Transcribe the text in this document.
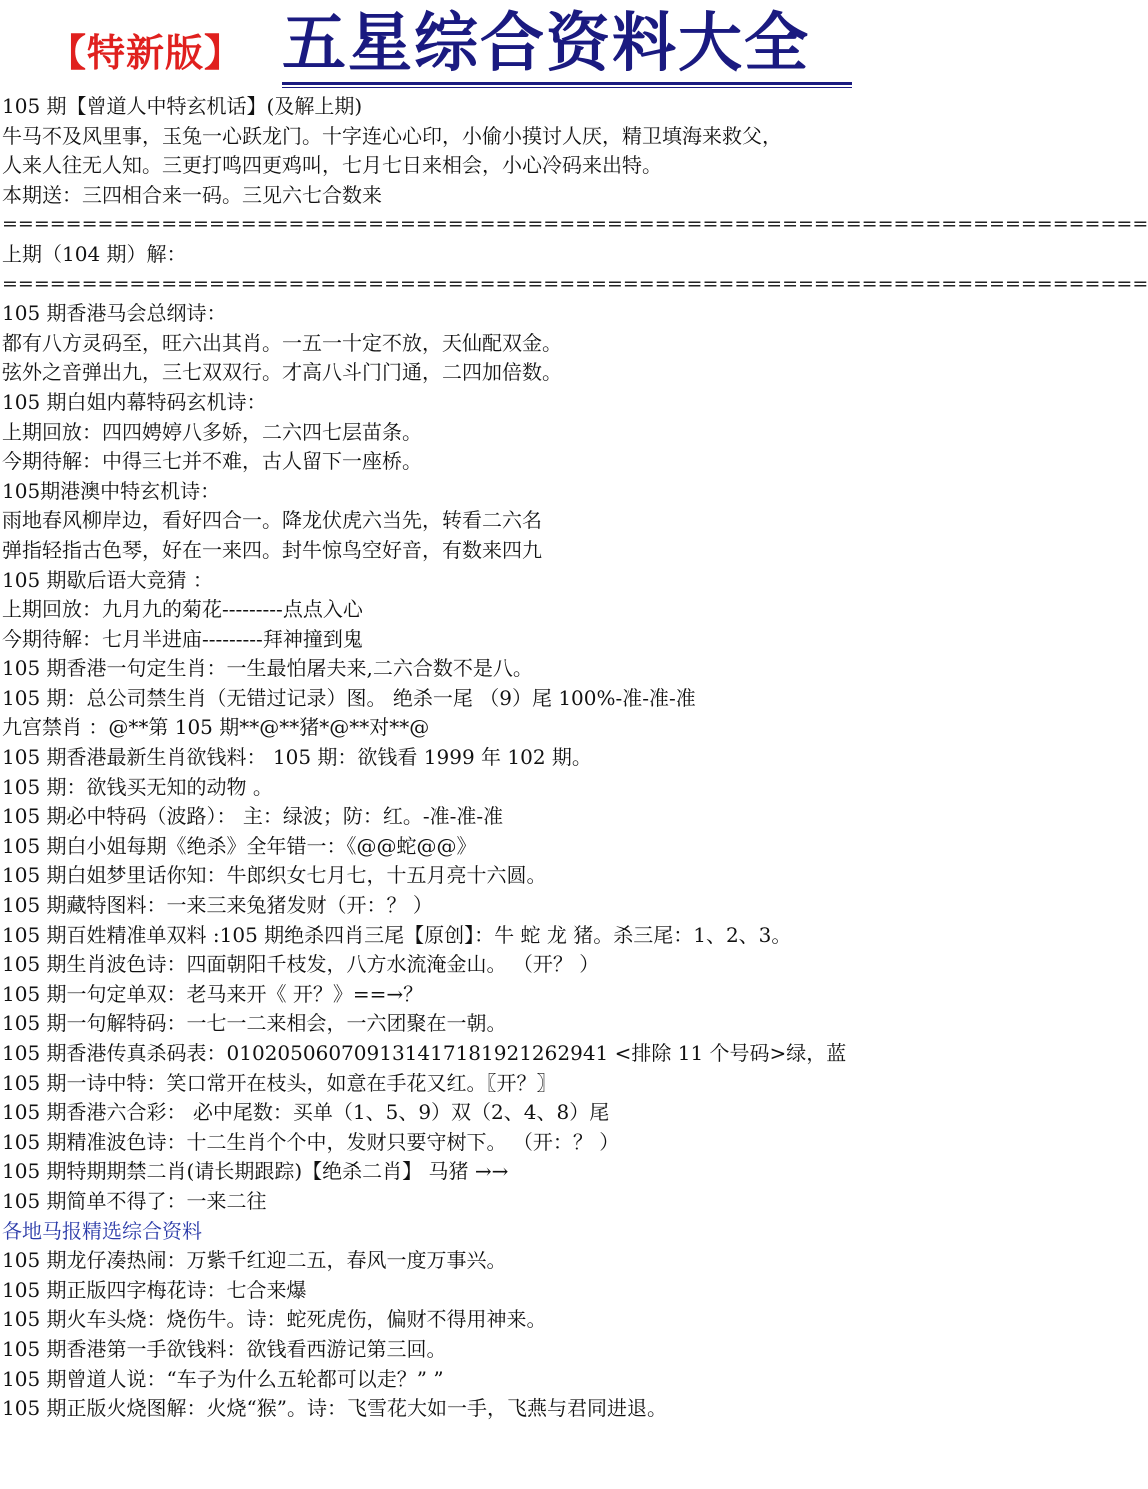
【特新版】 五星综合资料大全
105 期【曾道人中特玄机话】(及解上期)
牛马不及风里事，玉兔一心跃龙门。十字连心心印，小偷小摸讨人厌，精卫填海来救父，
人来人往无人知。三更打鸣四更鸡叫，七月七日来相会，小心冷码来出特。
本期送：三四相合来一码。三见六七合数来
========================================================================
上期（104 期）解：
========================================================================
105 期香港马会总纲诗：
都有八方灵码至，旺六出其肖。一五一十定不放，天仙配双金。
弦外之音弹出九，三七双双行。才高八斗门门通，二四加倍数。
105 期白姐内幕特码玄机诗：
上期回放：四四娉婷八多娇，二六四七层苗条。
今期待解：中得三七并不难，古人留下一座桥。
105期港澳中特玄机诗：
雨地春风柳岸边，看好四合一。降龙伏虎六当先，转看二六名
弹指轻指古色琴，好在一来四。封牛惊鸟空好音，有数来四九
105 期歇后语大竞猜 ：
上期回放：九月九的菊花---------点点入心
今期待解：七月半进庙---------拜神撞到鬼
105 期香港一句定生肖：一生最怕屠夫来,二六合数不是八。
105 期：总公司禁生肖（无错过记录）图。 绝杀一尾 （9）尾 100%-准-准-准
九宫禁肖 ：@**第 105 期**@**猪*@**对**@
105 期香港最新生肖欲钱料： 105 期：欲钱看 1999 年 102 期。
105 期：欲钱买无知的动物 。
105 期必中特码（波路）： 主：绿波；防：红。-准-准-准
105 期白小姐每期《绝杀》全年错一：《@@蛇@@》
105 期白姐梦里话你知：牛郎织女七月七，十五月亮十六圆。
105 期藏特图料：一来三来兔猪发财（开：？ ）
105 期百姓精准单双料 :105 期绝杀四肖三尾【原创】：牛 蛇 龙 猪。杀三尾：1、2、3。
105 期生肖波色诗：四面朝阳千枝发，八方水流淹金山。 （开？ ）
105 期一句定单双：老马来开《 开？》==→？
105 期一句解特码：一七一二来相会，一六团聚在一朝。
105 期香港传真杀码表：01020506070913141718192126294‌1 <排除 11 个号码>绿，蓝
105 期一诗中特：笑口常开在枝头，如意在手花又红。〖开？〗
105 期香港六合彩： 必中尾数：买单（1、5、9）双（2、4、8）尾
105 期精准波色诗：十二生肖个个中，发财只要守树下。 （开：？ ）
105 期特期期禁二肖(请长期跟踪)【绝杀二肖】 马猪 →→
105 期简单不得了：一来二往
各地马报精选综合资料
105 期龙仔凑热闹：万紫千红迎二五，春风一度万事兴。
105 期正版四字梅花诗：七合来爆
105 期火车头烧：烧伤牛。诗：蛇死虎伤，偏财不得用神来。
105 期香港第一手欲钱料：欲钱看西游记第三回。
105 期曾道人说：“车子为什么五轮都可以走？” ”
105 期正版火烧图解：火烧“猴”。诗：飞雪花大如一手，飞燕与君同进退。
